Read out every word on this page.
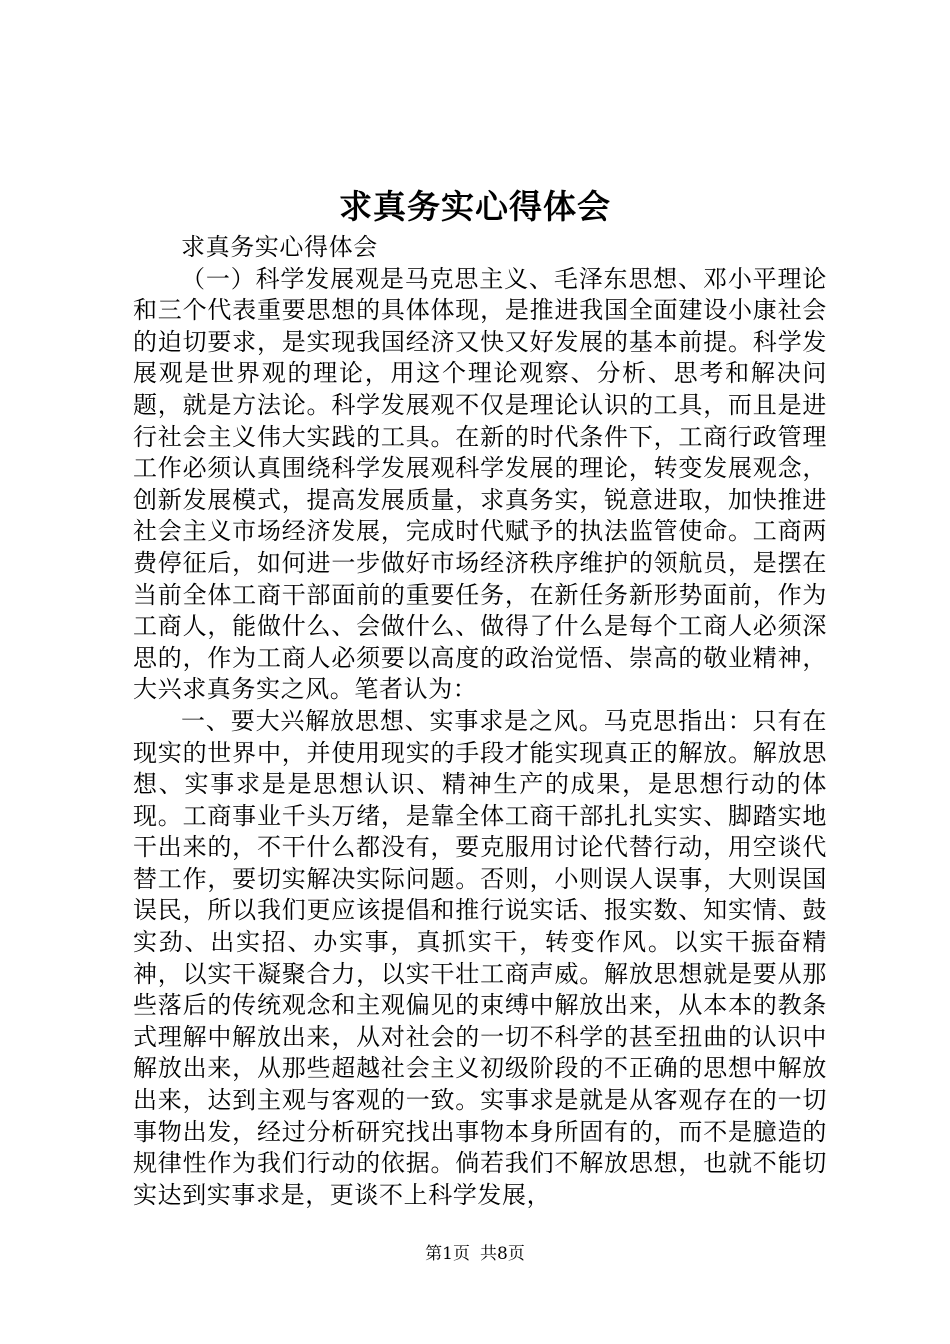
求真务实心得体会

求真务实心得体会

（一）科学发展观是马克思主义、毛泽东思想、邓小平理论和三个代表重要思想的具体体现，是推进我国全面建设小康社会的迫切要求，是实现我国经济又快又好发展的基本前提。科学发展观是世界观的理论，用这个理论观察、分析、思考和解决问题，就是方法论。科学发展观不仅是理论认识的工具，而且是进行社会主义伟大实践的工具。在新的时代条件下，工商行政管理工作必须认真围绕科学发展观科学发展的理论，转变发展观念，创新发展模式，提高发展质量，求真务实，锐意进取，加快推进社会主义市场经济发展，完成时代赋予的执法监管使命。工商两费停征后，如何进一步做好市场经济秩序维护的领航员，是摆在当前全体工商干部面前的重要任务，在新任务新形势面前，作为工商人，能做什么、会做什么、做得了什么是每个工商人必须深思的，作为工商人必须要以高度的政治觉悟、崇高的敬业精神，大兴求真务实之风。笔者认为：

一、要大兴解放思想、实事求是之风。马克思指出：只有在现实的世界中，并使用现实的手段才能实现真正的解放。解放思想、实事求是是思想认识、精神生产的成果，是思想行动的体现。工商事业千头万绪，是靠全体工商干部扎扎实实、脚踏实地干出来的，不干什么都没有，要克服用讨论代替行动，用空谈代替工作，要切实解决实际问题。否则，小则误人误事，大则误国误民，所以我们更应该提倡和推行说实话、报实数、知实情、鼓实劲、出实招、办实事，真抓实干，转变作风。以实干振奋精神，以实干凝聚合力，以实干壮工商声威。解放思想就是要从那些落后的传统观念和主观偏见的束缚中解放出来，从本本的教条式理解中解放出来，从对社会的一切不科学的甚至扭曲的认识中解放出来，从那些超越社会主义初级阶段的不正确的思想中解放出来，达到主观与客观的一致。实事求是就是从客观存在的一切事物出发，经过分析研究找出事物本身所固有的，而不是臆造的规律性作为我们行动的依据。倘若我们不解放思想，也就不能切实达到实事求是，更谈不上科学发展，

第1页 共8页
